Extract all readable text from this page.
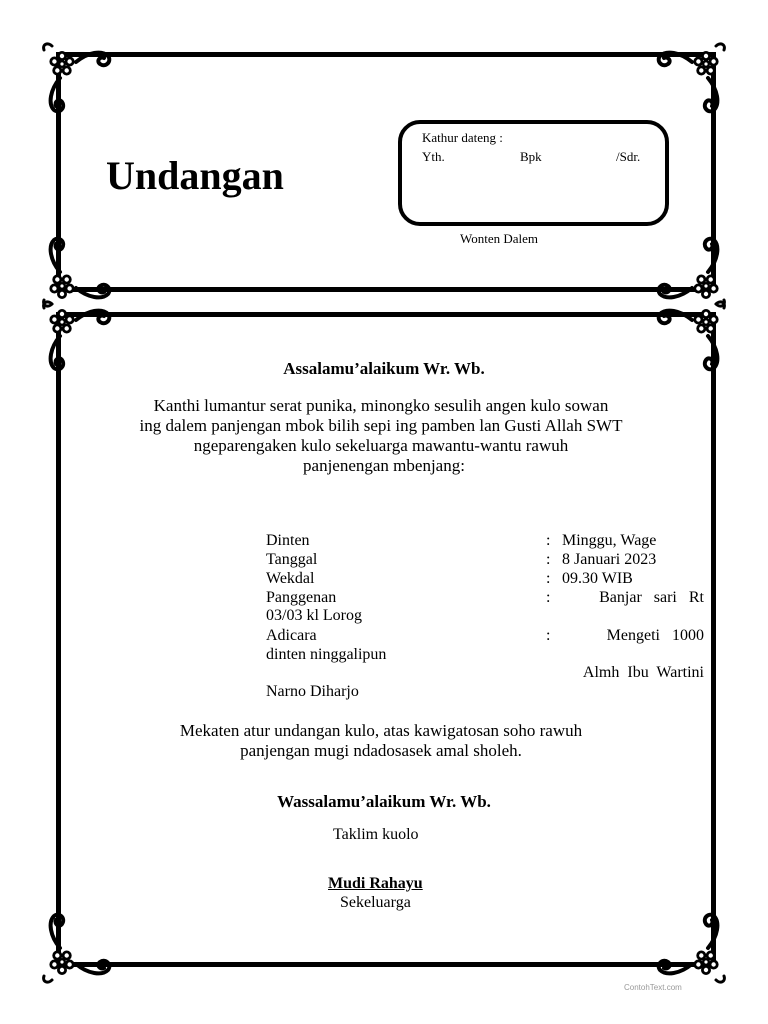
Undangan
Kathur dateng :
Yth.	Bpk	/Sdr.
Wonten Dalem
Assalamu’alaikum Wr. Wb.
Kanthi lumantur serat punika, minongko sesulih angen kulo sowan
ing dalem panjengan mbok bilih sepi ing pamben lan Gusti Allah SWT
ngeparengaken kulo sekeluarga mawantu-wantu rawuh
panjenengan mbenjang:
Dinten	: Minggu, Wage
Tanggal	: 8 Januari 2023
Wekdal	: 09.30 WIB
Panggenan	:	Banjar   sari   Rt
03/03 kl Lorog
Adicara	:	Mengeti   1000
dinten ninggalipun
Almh  Ibu  Wartini
Narno Diharjo
Mekaten atur undangan kulo, atas kawigatosan soho rawuh
panjengan mugi ndadosasek amal sholeh.
Wassalamu’alaikum Wr. Wb.
Taklim kuolo
Mudi Rahayu
Sekeluarga
ContohText.com
